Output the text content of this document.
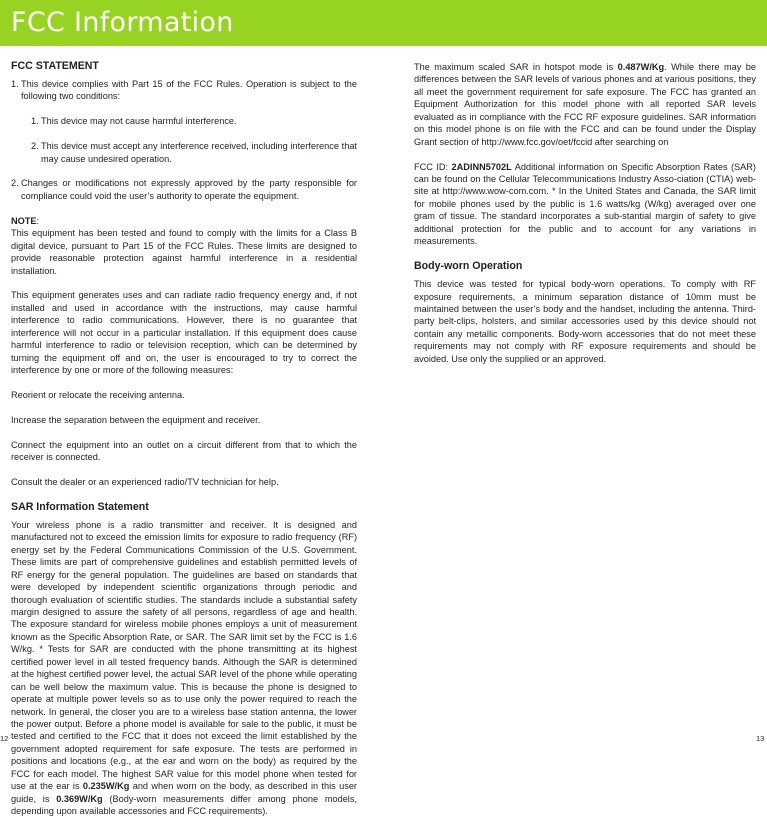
FCC Information
FCC STATEMENT
1. This device complies with Part 15 of the FCC Rules. Operation is subject to the following two conditions:
1. This device may not cause harmful interference.
2. This device must accept any interference received, including interference that may cause undesired operation.
2. Changes or modifications not expressly approved by the party responsible for compliance could void the user’s authority to operate the equipment.
NOTE:

This equipment has been tested and found to comply with the limits for a Class B digital device, pursuant to Part 15 of the FCC Rules. These limits are designed to provide reasonable protection against harmful interference in a residential installation.

This equipment generates uses and can radiate radio frequency energy and, if not installed and used in accordance with the instructions, may cause harmful interference to radio communications. However, there is no guarantee that interference will not occur in a particular installation. If this equipment does cause harmful interference to radio or television reception, which can be determined by turning the equipment off and on, the user is encouraged to try to correct the interference by one or more of the following measures:

Reorient or relocate the receiving antenna.

Increase the separation between the equipment and receiver.

Connect the equipment into an outlet on a circuit different from that to which the receiver is connected.

Consult the dealer or an experienced radio/TV technician for help.

SAR Information Statement

Your wireless phone is a radio transmitter and receiver. It is designed and manufactured not to exceed the emission limits for exposure to radio frequency (RF) energy set by the Federal Communications Commission of the U.S. Government. These limits are part of comprehensive guidelines and establish permitted levels of RF energy for the general population. The guidelines are based on standards that were developed by independent scientific organizations through periodic and thorough evaluation of scientific studies. The standards include a substantial safety margin designed to assure the safety of all persons, regardless of age and health. The exposure standard for wireless mobile phones employs a unit of measurement known as the Specific Absorption Rate, or SAR. The SAR limit set by the FCC is 1.6 W/kg. * Tests for SAR are conducted with the phone transmitting at its highest certified power level in all tested frequency bands. Although the SAR is determined at the highest certified power level, the actual SAR level of the phone while operating can be well below the maximum value. This is because the phone is designed to operate at multiple power levels so as to use only the power required to reach the network. In general, the closer you are to a wireless base station antenna, the lower the power output. Before a phone model is available for sale to the public, it must be tested and certified to the FCC that it does not exceed the limit established by the government adopted requirement for safe exposure. The tests are performed in positions and locations (e.g., at the ear and worn on the body) as required by the FCC for each model. The highest SAR value for this model phone when tested for use at the ear is 0.235W/Kg and when worn on the body, as described in this user guide, is 0.369W/Kg (Body-worn measurements differ among phone models, depending upon available accessories and FCC requirements).

The maximum scaled SAR in hotspot mode is 0.487W/Kg. While there may be differences between the SAR levels of various phones and at various positions, they all meet the government requirement for safe exposure. The FCC has granted an Equipment Authorization for this model phone with all reported SAR levels evaluated as in compliance with the FCC RF exposure guidelines. SAR information on this model phone is on file with the FCC and can be found under the Display Grant section of http://www.fcc.gov/oet/fccid after searching on

FCC ID: 2ADINN5702L Additional information on Specific Absorption Rates (SAR) can be found on the Cellular Telecommunications Industry Asso-ciation (CTIA) web-site at http://www.wow-com.com. * In the United States and Canada, the SAR limit for mobile phones used by the public is 1.6 watts/kg (W/kg) averaged over one gram of tissue. The standard incorporates a sub-stantial margin of safety to give additional protection for the public and to account for any variations in measurements.

Body-worn Operation

This device was tested for typical body-worn operations. To comply with RF exposure requirements, a minimum separation distance of 10mm must be maintained between the user’s body and the handset, including the antenna. Third-party belt-clips, holsters, and similar accessories used by this device should not contain any metallic components. Body-worn accessories that do not meet these requirements may not comply with RF exposure requirements and should be avoided. Use only the supplied or an approved.

12	13
